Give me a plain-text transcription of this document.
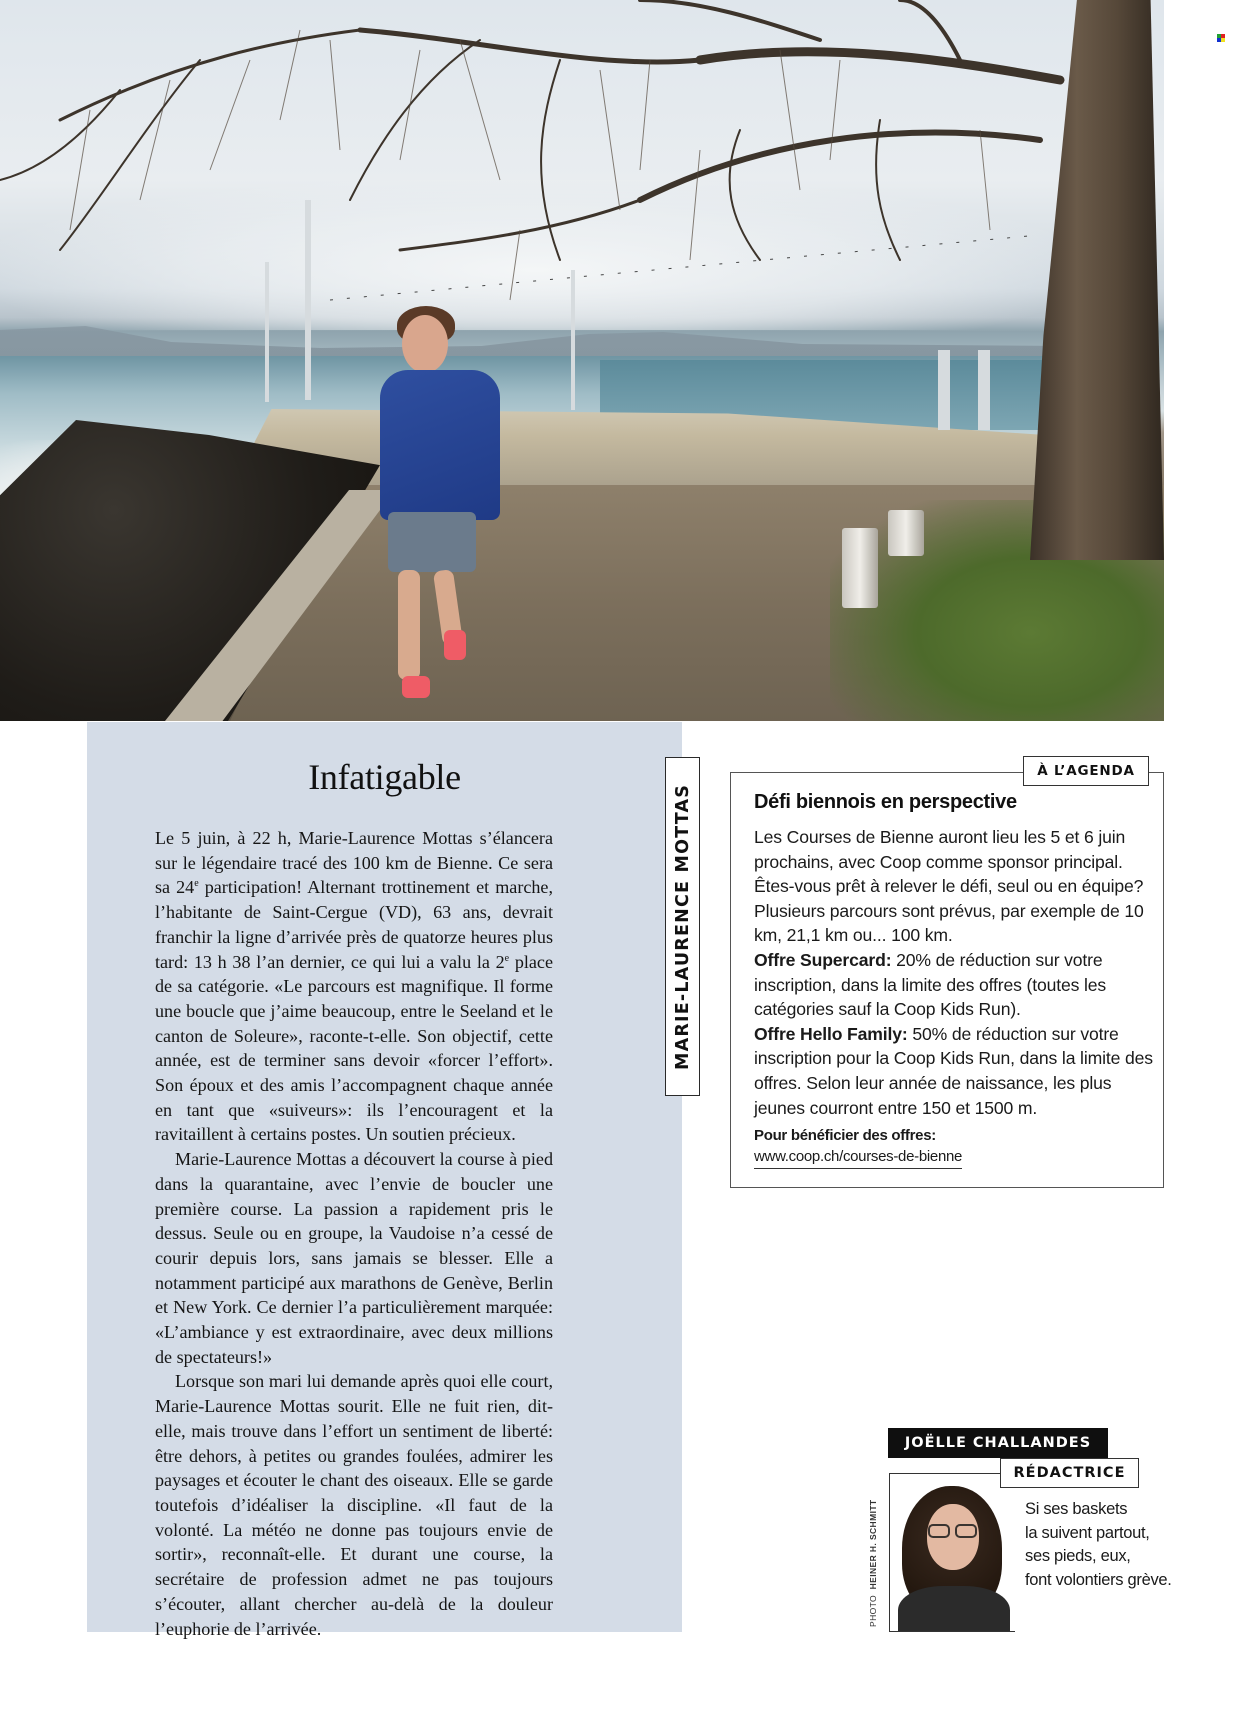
Infatigable

Le 5 juin, à 22 h, Marie-Laurence Mottas s’élancera sur le légendaire tracé des 100 km de Bienne. Ce sera sa 24e participation! Alternant trottinement et marche, l’habitante de Saint-Cergue (VD), 63 ans, devrait franchir la ligne d’arrivée près de quatorze heures plus tard: 13 h 38 l’an dernier, ce qui lui a valu la 2e place de sa catégorie. «Le parcours est magnifique. Il forme une boucle que j’aime beaucoup, entre le Seeland et le canton de Soleure», raconte-t-elle. Son objectif, cette année, est de terminer sans devoir «forcer l’effort». Son époux et des amis l’accompagnent chaque année en tant que «suiveurs»: ils l’encouragent et la ravitaillent à certains postes. Un soutien précieux.

Marie-Laurence Mottas a découvert la course à pied dans la quarantaine, avec l’envie de boucler une première course. La passion a rapidement pris le dessus. Seule ou en groupe, la Vaudoise n’a cessé de courir depuis lors, sans jamais se blesser. Elle a notamment participé aux marathons de Genève, Berlin et New York. Ce dernier l’a particulièrement marquée: «L’ambiance y est extraordinaire, avec deux millions de spectateurs!»

Lorsque son mari lui demande après quoi elle court, Marie-Laurence Mottas sourit. Elle ne fuit rien, dit-elle, mais trouve dans l’effort un sentiment de liberté: être dehors, à petites ou grandes foulées, admirer les paysages et écouter le chant des oiseaux. Elle se garde toutefois d’idéaliser la discipline. «Il faut de la volonté. La météo ne donne pas toujours envie de sortir», reconnaît-elle. Et durant une course, la secrétaire de profession admet ne pas toujours s’écouter, allant chercher au-delà de la douleur l’euphorie de l’arrivée.

MARIE-LAURENCE MOTTAS	Défi biennois en perspective

Les Courses de Bienne auront lieu les 5 et 6 juin prochains, avec Coop comme sponsor principal. Êtes-vous prêt à relever le défi, seul ou en équipe? Plusieurs parcours sont prévus, par exemple de 10 km, 21,1 km ou... 100 km.

Offre Supercard: 20% de réduction sur votre inscription, dans la limite des offres (toutes les catégories sauf la Coop Kids Run).

Offre Hello Family: 50% de réduction sur votre inscription pour la Coop Kids Run, dans la limite des offres. Selon leur année de naissance, les plus jeunes courront entre 150 et 1500 m.

Pour bénéficier des offres:
www.coop.ch/courses-de-bienne
À L’AGENDA
JOËLLE CHALLANDES
RÉDACTRICE
Si ses baskets
la suivent partout,
ses pieds, eux,
font volontiers grève.
PHOTO  HEINER H. SCHMITT
